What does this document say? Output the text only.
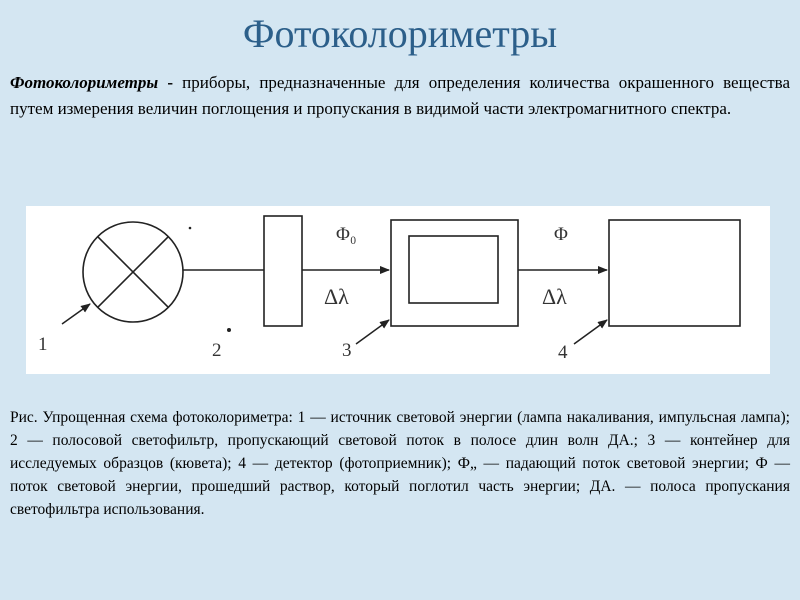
Фотоколориметры
Фотоколориметры - приборы, предназначенные для определения количества окрашенного вещества путем измерения величин поглощения и пропускания в видимой части электромагнитного спектра.
1	2	3	4
Φ₀	Φ
Δλ	Δλ
Рис. Упрощенная схема фотоколориметра: 1 — источник световой энергии (лампа накаливания, импульсная лампа); 2 — полосовой светофильтр, пропускающий световой поток в полосе длин волн ДА.; 3 — контейнер для исследуемых образцов (кювета); 4 — детектор (фотоприемник); Ф„ — падающий поток световой энергии; Ф — поток световой энергии, прошедший раствор, который поглотил часть энергии; ДА. — полоса пропускания светофильтра использования.
